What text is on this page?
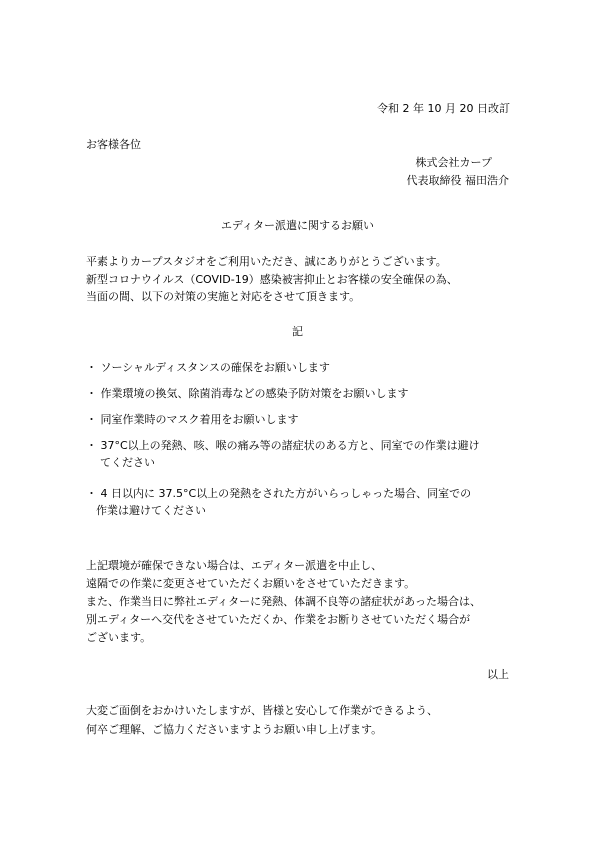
令和 2 年 10 月 20 日改訂
お客様各位
株式会社カープ
代表取締役 福田浩介
エディター派遣に関するお願い
平素よりカープスタジオをご利用いただき、誠にありがとうございます。
新型コロナウイルス（COVID-19）感染被害抑止とお客様の安全確保の為、
当面の間、以下の対策の実施と対応をさせて頂きます。
記
・ ソーシャルディスタンスの確保をお願いします
・ 作業環境の換気、除菌消毒などの感染予防対策をお願いします
・ 同室作業時のマスク着用をお願いします
・ 37°C以上の発熱、咳、喉の痛み等の諸症状のある方と、同室での作業は避け
てください
・ 4 日以内に 37.5°C以上の発熱をされた方がいらっしゃった場合、同室での
作業は避けてください
上記環境が確保できない場合は、エディター派遣を中止し、
遠隔での作業に変更させていただくお願いをさせていただきます。
また、作業当日に弊社エディターに発熱、体調不良等の諸症状があった場合は、
別エディターへ交代をさせていただくか、作業をお断りさせていただく場合が
ございます。
以上
大変ご面倒をおかけいたしますが、皆様と安心して作業ができるよう、
何卒ご理解、ご協力くださいますようお願い申し上げます。
